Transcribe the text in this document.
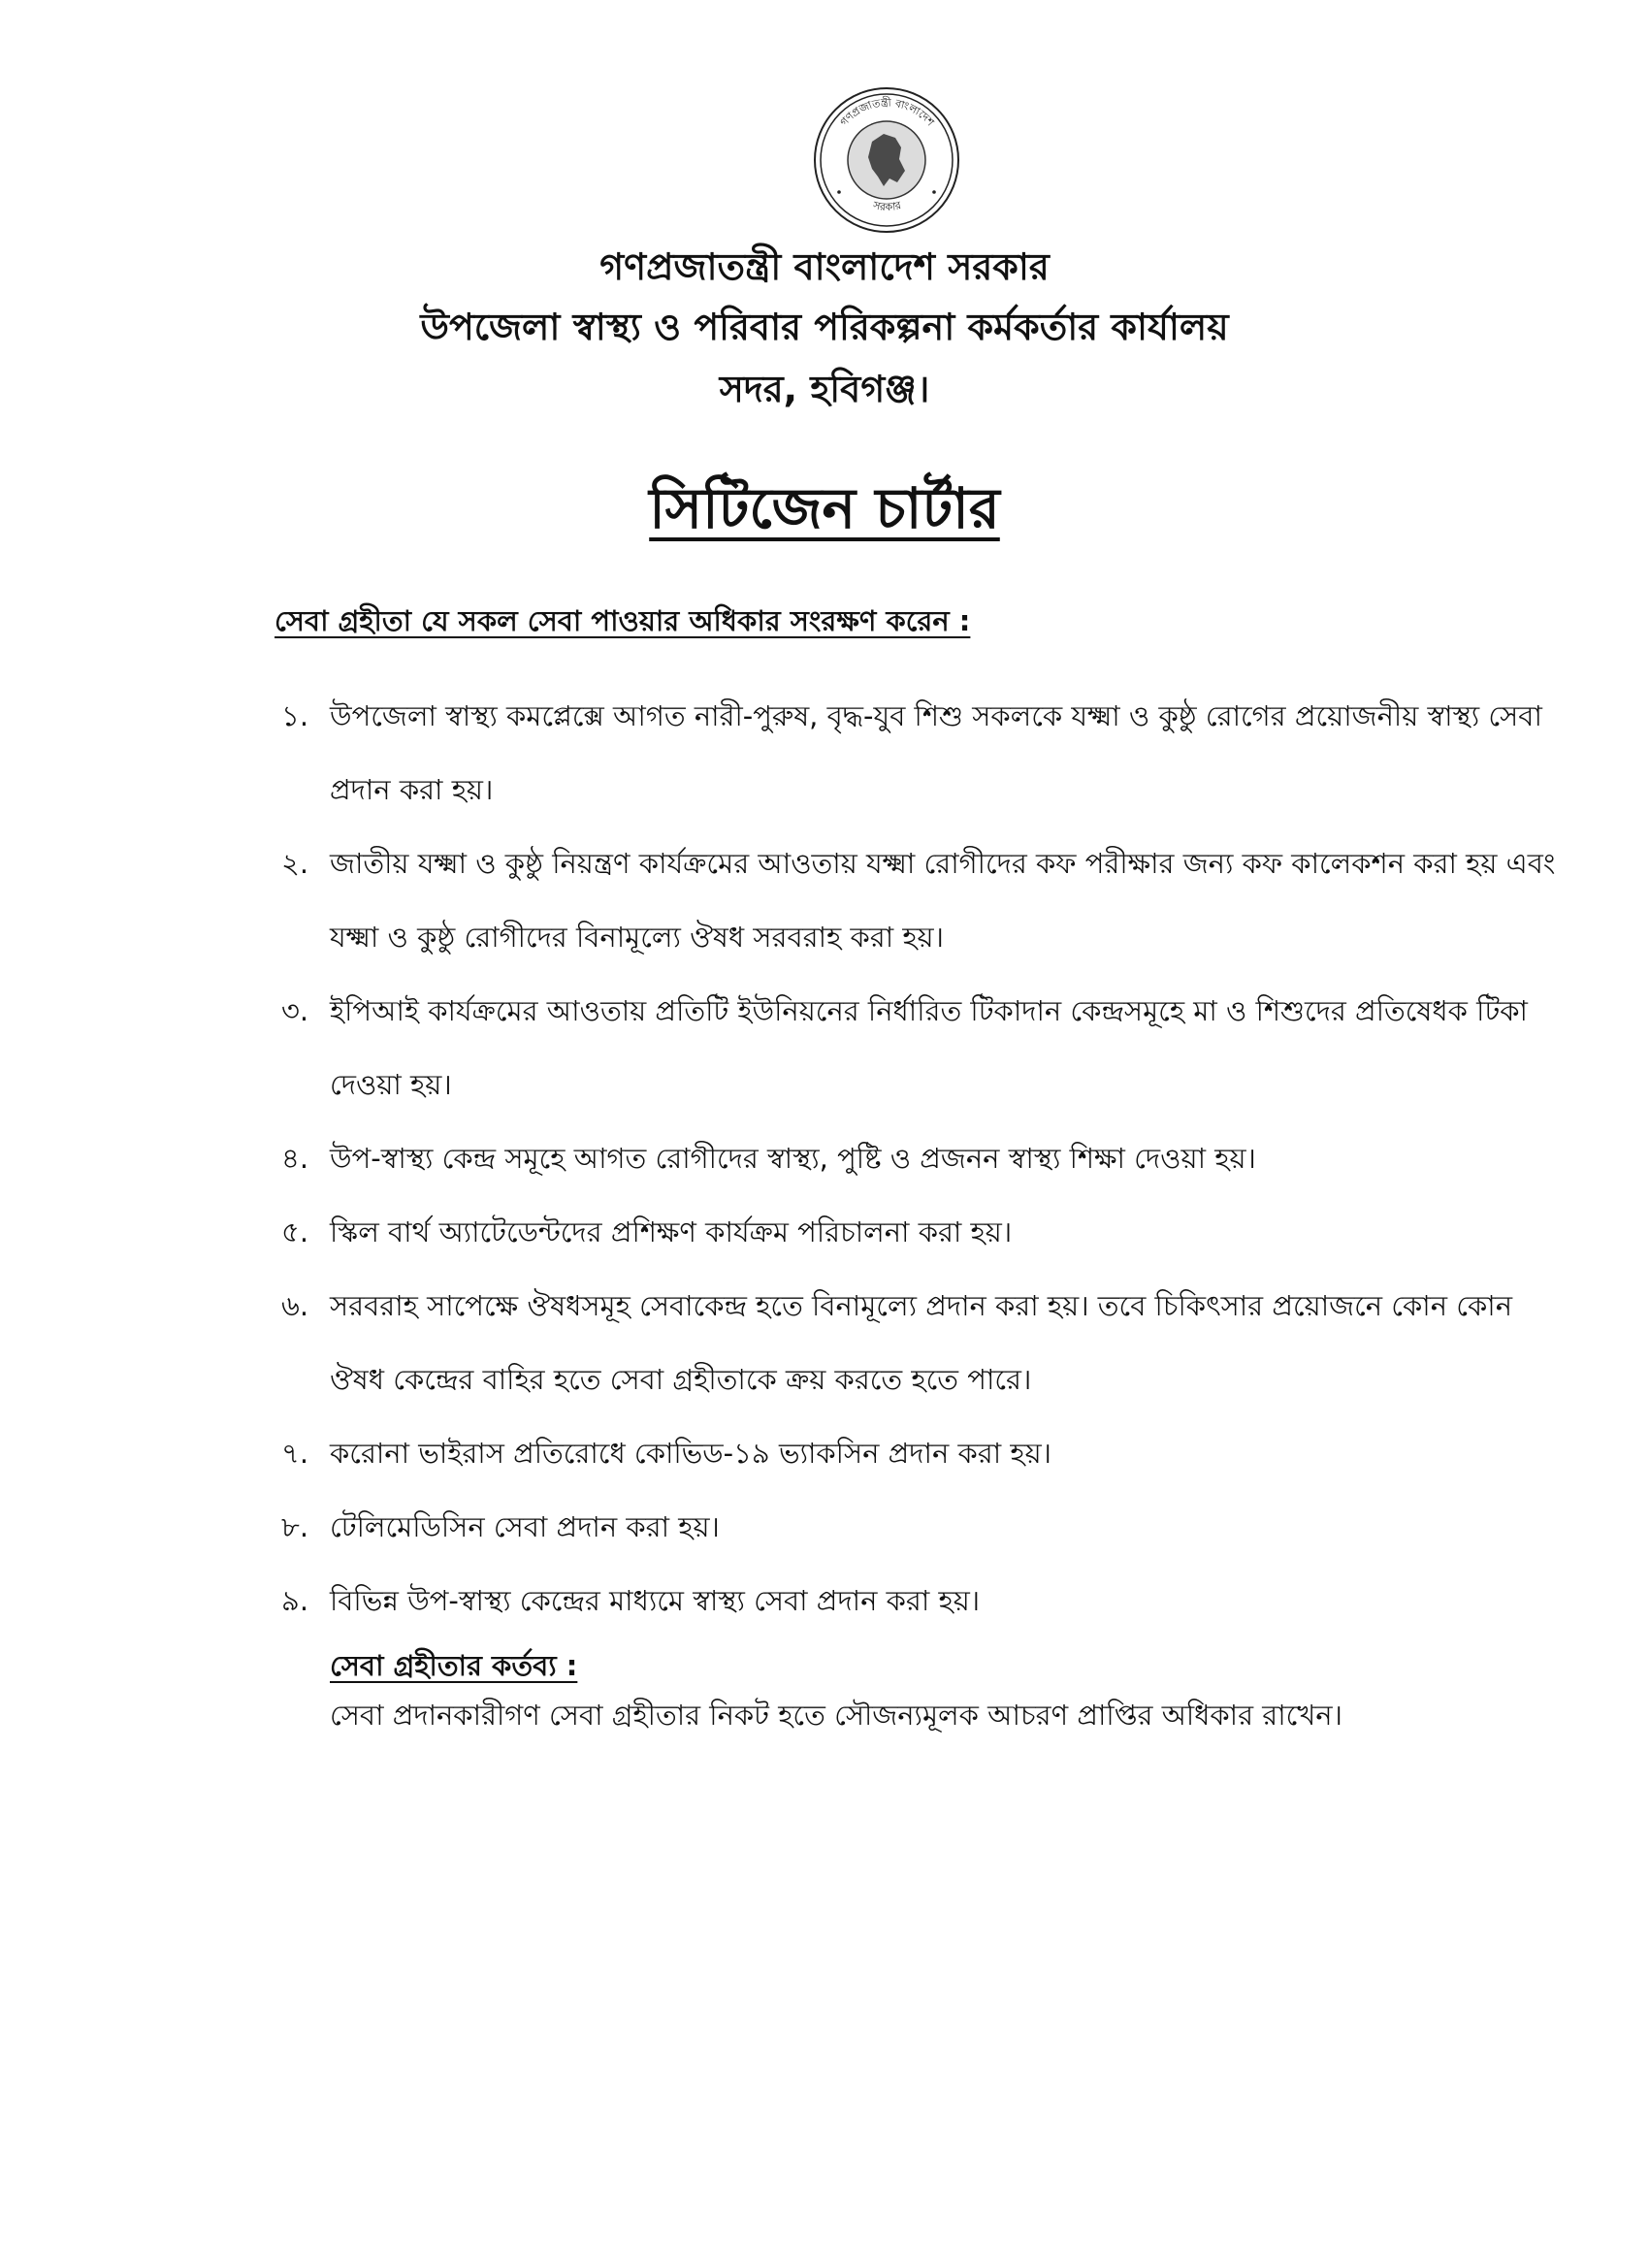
গণপ্রজাতন্ত্রী বাংলাদেশ
সরকার
গণপ্রজাতন্ত্রী বাংলাদেশ সরকার
উপজেলা স্বাস্থ্য ও পরিবার পরিকল্পনা কর্মকর্তার কার্যালয়
সদর, হবিগঞ্জ।
সিটিজেন চার্টার
সেবা গ্রহীতা যে সকল সেবা পাওয়ার অধিকার সংরক্ষণ করেন :
১. উপজেলা স্বাস্থ্য কমপ্লেক্সে আগত নারী-পুরুষ, বৃদ্ধ-যুব শিশু সকলকে যক্ষ্মা ও কুষ্ঠু রোগের প্রয়োজনীয় স্বাস্থ্য সেবা প্রদান করা হয়।
২. জাতীয় যক্ষ্মা ও কুষ্ঠু নিয়ন্ত্রণ কার্যক্রমের আওতায় যক্ষ্মা রোগীদের কফ পরীক্ষার জন্য কফ কালেকশন করা হয় এবং যক্ষ্মা ও কুষ্ঠু রোগীদের বিনামূল্যে ঔষধ সরবরাহ করা হয়।
৩. ইপিআই কার্যক্রমের আওতায় প্রতিটি ইউনিয়নের নির্ধারিত টিকাদান কেন্দ্রসমূহে মা ও শিশুদের প্রতিষেধক টিকা দেওয়া হয়।
৪. উপ-স্বাস্থ্য কেন্দ্র সমূহে আগত রোগীদের স্বাস্থ্য, পুষ্টি ও প্রজনন স্বাস্থ্য শিক্ষা দেওয়া হয়।
৫. স্কিল বার্থ অ্যাটেডেন্টদের প্রশিক্ষণ কার্যক্রম পরিচালনা করা হয়।
৬. সরবরাহ সাপেক্ষে ঔষধসমূহ সেবাকেন্দ্র হতে বিনামূল্যে প্রদান করা হয়। তবে চিকিৎসার প্রয়োজনে কোন কোন ঔষধ কেন্দ্রের বাহির হতে সেবা গ্রহীতাকে ক্রয় করতে হতে পারে।
৭. করোনা ভাইরাস প্রতিরোধে কোভিড-১৯ ভ্যাকসিন প্রদান করা হয়।
৮. টেলিমেডিসিন সেবা প্রদান করা হয়।
৯. বিভিন্ন উপ-স্বাস্থ্য কেন্দ্রের মাধ্যমে স্বাস্থ্য সেবা প্রদান করা হয়।
সেবা গ্রহীতার কর্তব্য :
সেবা প্রদানকারীগণ সেবা গ্রহীতার নিকট হতে সৌজন্যমূলক আচরণ প্রাপ্তির অধিকার রাখেন।
